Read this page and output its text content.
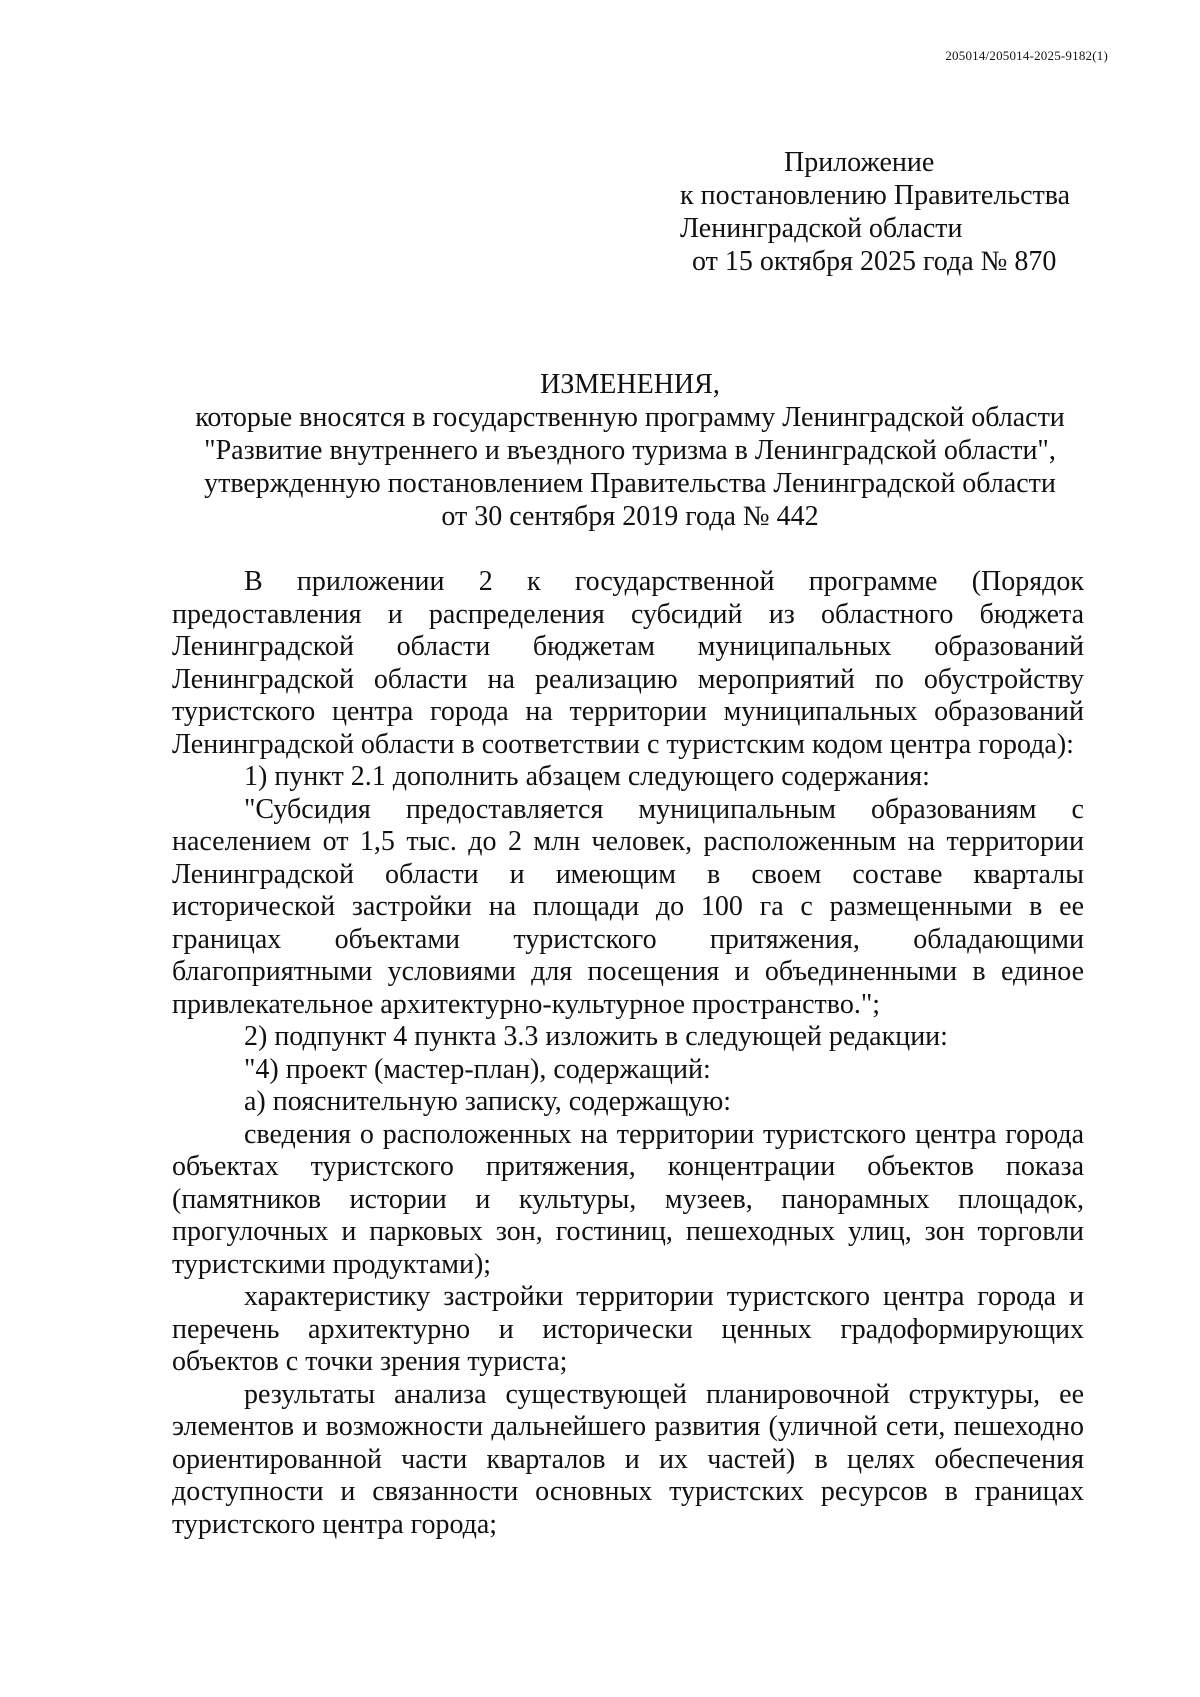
205014/205014-2025-9182(1)
Приложение
к постановлению Правительства
Ленинградской области
от 15 октября 2025 года № 870
ИЗМЕНЕНИЯ,
которые вносятся в государственную программу Ленинградской области
"Развитие внутреннего и въездного туризма в Ленинградской области",
утвержденную постановлением Правительства Ленинградской области
от 30 сентября 2019 года № 442

В приложении 2 к государственной программе (Порядок предоставления и распределения субсидий из областного бюджета Ленинградской области бюджетам муниципальных образований Ленинградской области на реализацию мероприятий по обустройству туристского центра города на территории муниципальных образований Ленинградской области в соответствии с туристским кодом центра города):

1) пункт 2.1 дополнить абзацем следующего содержания:

"Субсидия предоставляется муниципальным образованиям с населением от 1,5 тыс. до 2 млн человек, расположенным на территории Ленинградской области и имеющим в своем составе кварталы исторической застройки на площади до 100 га с размещенными в ее границах объектами туристского притяжения, обладающими благоприятными условиями для посещения и объединенными в единое привлекательное архитектурно-культурное пространство.";

2) подпункт 4 пункта 3.3 изложить в следующей редакции:

"4) проект (мастер-план), содержащий:

а) пояснительную записку, содержащую:

сведения о расположенных на территории туристского центра города объектах туристского притяжения, концентрации объектов показа (памятников истории и культуры, музеев, панорамных площадок, прогулочных и парковых зон, гостиниц, пешеходных улиц, зон торговли туристскими продуктами);

характеристику застройки территории туристского центра города и перечень архитектурно и исторически ценных градоформирующих объектов с точки зрения туриста;

результаты анализа существующей планировочной структуры, ее элементов и возможности дальнейшего развития (уличной сети, пешеходно ориентированной части кварталов и их частей) в целях обеспечения доступности и связанности основных туристских ресурсов в границах туристского центра города;
